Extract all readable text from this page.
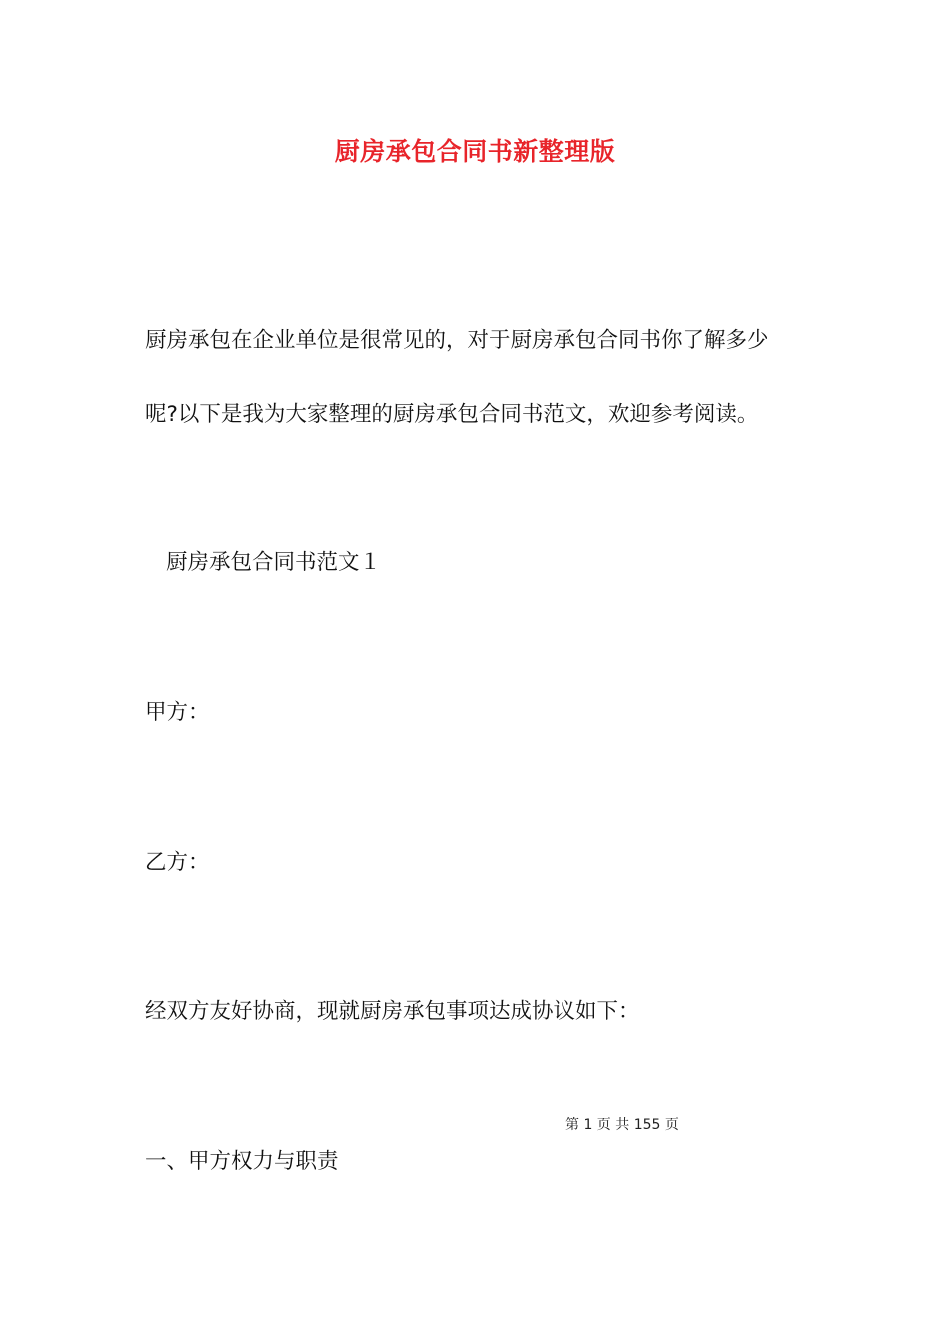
厨房承包合同书新整理版
厨房承包在企业单位是很常见的，对于厨房承包合同书你了解多少
呢?以下是我为大家整理的厨房承包合同书范文，欢迎参考阅读。
厨房承包合同书范文１
甲方：
乙方：
经双方友好协商，现就厨房承包事项达成协议如下：
第 1 页 共 155 页
一、甲方权力与职责
